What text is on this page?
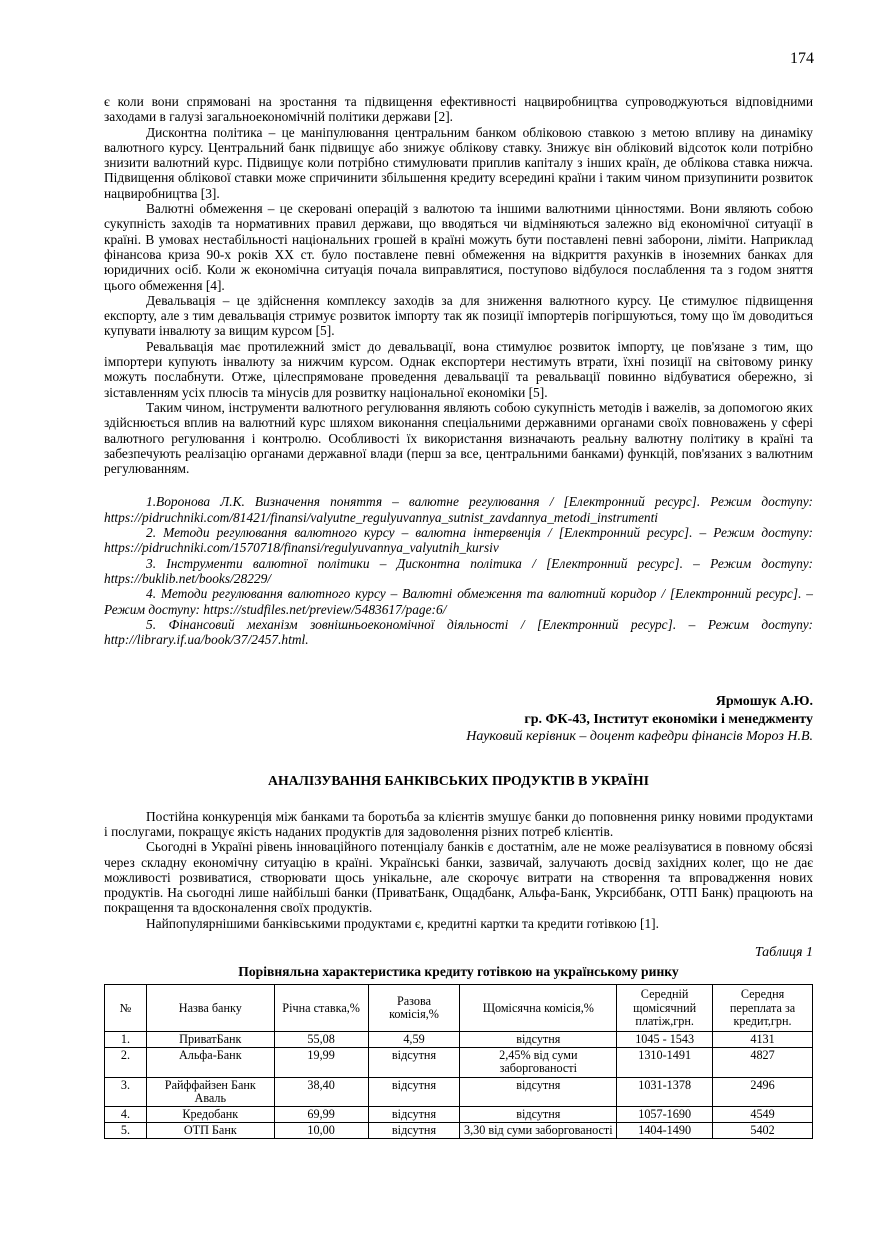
174

є коли вони спрямовані на зростання та підвищення ефективності нацвиробництва супроводжуються відповідними заходами в галузі загальноекономічній політики держави [2].

Дисконтна політика – це маніпулювання центральним банком обліковою ставкою з метою впливу на динаміку валютного курсу. Центральний банк підвищує або знижує облікову ставку. Знижує він обліковий відсоток коли потрібно знизити валютний курс. Підвищує коли потрібно стимулювати приплив капіталу з інших країн, де облікова ставка нижча. Підвищення облікової ставки може спричинити збільшення кредиту всередині країни і таким чином призупинити розвиток нацвиробництва [3].

Валютні обмеження – це скеровані операцій з валютою та іншими валютними цінностями. Вони являють собою сукупність заходів та нормативних правил держави, що вводяться чи відміняються залежно від економічної ситуації в країні. В умовах нестабільності національних грошей в країні можуть бути поставлені певні заборони, ліміти. Наприклад фінансова криза 90-х років XX ст. було поставлене певні обмеження на відкриття рахунків в іноземних банках для юридичних осіб. Коли ж економічна ситуація почала виправлятися, поступово відбулося послаблення та з годом зняття цього обмеження [4].

Девальвація – це здійснення комплексу заходів за для зниження валютного курсу. Це стимулює підвищення експорту, але з тим девальвація стримує розвиток імпорту так як позиції імпортерів погіршуються, тому що їм доводиться купувати інвалюту за вищим курсом [5].

Ревальвація має протилежний зміст до девальвації, вона стимулює розвиток імпорту, це пов'язане з тим, що імпортери купують інвалюту за нижчим курсом. Однак експортери нестимуть втрати, їхні позиції на світовому ринку можуть послабнути. Отже, цілеспрямоване проведення девальвації та ревальвації повинно відбуватися обережно, зі зіставленням усіх плюсів та мінусів для розвитку національної економіки [5].

Таким чином, інструменти валютного регулювання являють собою сукупність методів і важелів, за допомогою яких здійснюється вплив на валютний курс шляхом виконання спеціальними державними органами своїх повноважень у сфері валютного регулювання і контролю. Особливості їх використання визначають реальну валютну політику в країні та забезпечують реалізацію органами державної влади (перш за все, центральними банками) функцій, пов'язаних з валютним регулюванням.

1.Воронова Л.К. Визначення поняття – валютне регулювання / [Електронний ресурс]. Режим доступу: https://pidruchniki.com/81421/finansi/valyutne_regulyuvannya_sutnist_zavdannya_metodi_instrumenti

2. Методи регулювання валютного курсу – валютна інтервенція / [Електронний ресурс]. – Режим доступу: https://pidruchniki.com/1570718/finansi/regulyuvannya_valyutnih_kursiv

3. Інструменти валютної політики – Дисконтна політика / [Електронний ресурс]. – Режим доступу: https://buklib.net/books/28229/

4. Методи регулювання валютного курсу – Валютні обмеження та валютний коридор / [Електронний ресурс]. – Режим доступу: https://studfiles.net/preview/5483617/page:6/

5. Фінансовий механізм зовнішньоекономічної діяльності / [Електронний ресурс]. – Режим доступу: http://library.if.ua/book/37/2457.html.

Ярмошук А.Ю.
гр. ФК-43, Інститут економіки і менеджменту
Науковий керівник – доцент кафедри фінансів Мороз Н.В.
АНАЛІЗУВАННЯ БАНКІВСЬКИХ ПРОДУКТІВ В УКРАЇНІ

Постійна конкуренція між банками та боротьба за клієнтів змушує банки до поповнення ринку новими продуктами і послугами, покращує якість наданих продуктів для задоволення різних потреб клієнтів.

Сьогодні в Україні рівень інноваційного потенціалу банків є достатнім, але не може реалізуватися в повному обсязі через складну економічну ситуацію в країні. Українські банки, зазвичай, залучають досвід західних колег, що не дає можливості розвиватися, створювати щось унікальне, але скорочує витрати на створення та впровадження нових продуктів. На сьогодні лише найбільші банки (ПриватБанк, Ощадбанк, Альфа-Банк, Укрсиббанк, ОТП Банк) працюють на покращення та вдосконалення своїх продуктів.

Найпопулярнішими банківськими продуктами є, кредитні картки та кредити готівкою [1].

Таблиця 1
Порівняльна характеристика кредиту готівкою на українському ринку
№	Назва банку	Річна ставка,%	Разова комісія,%	Щомісячна комісія,%	Середній щомісячний платіж,грн.	Середня переплата за кредит,грн.
1.	ПриватБанк	55,08	4,59	відсутня	1045 - 1543	4131
2.	Альфа-Банк	19,99	відсутня	2,45% від суми заборгованості	1310-1491	4827
3.	Райффайзен Банк Аваль	38,40	відсутня	відсутня	1031-1378	2496
4.	Кредобанк	69,99	відсутня	відсутня	1057-1690	4549
5.	ОТП Банк	10,00	відсутня	3,30 від суми заборгованості	1404-1490	5402
